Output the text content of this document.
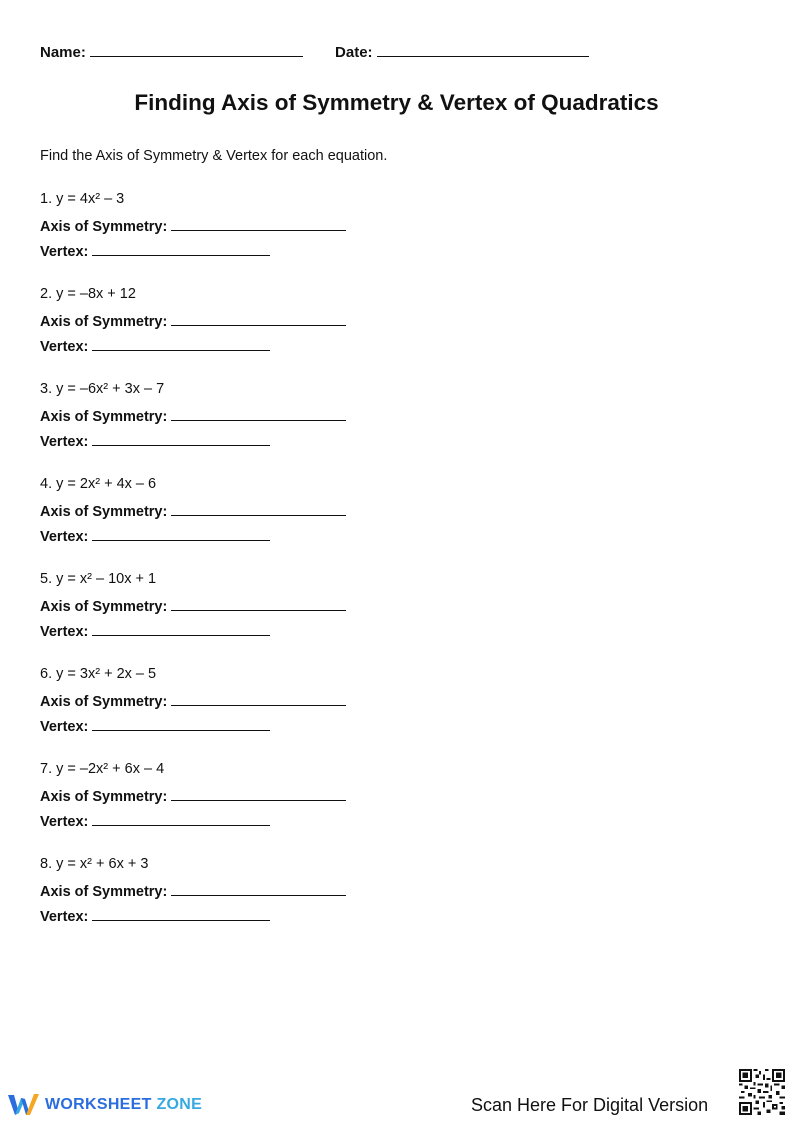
Name:	Date:
Finding Axis of Symmetry & Vertex of Quadratics

Find the Axis of Symmetry & Vertex for each equation.

1. y = 4x² – 3
Axis of Symmetry:
Vertex:
2. y = –8x + 12
Axis of Symmetry:
Vertex:
3. y = –6x² + 3x – 7
Axis of Symmetry:
Vertex:
4. y = 2x² + 4x – 6
Axis of Symmetry:
Vertex:
5. y = x² – 10x + 1
Axis of Symmetry:
Vertex:
6. y = 3x² + 2x – 5
Axis of Symmetry:
Vertex:
7. y = –2x² + 6x – 4
Axis of Symmetry:
Vertex:
8. y = x² + 6x + 3
Axis of Symmetry:
Vertex:
WORKSHEET ZONE	Scan Here For Digital Version
